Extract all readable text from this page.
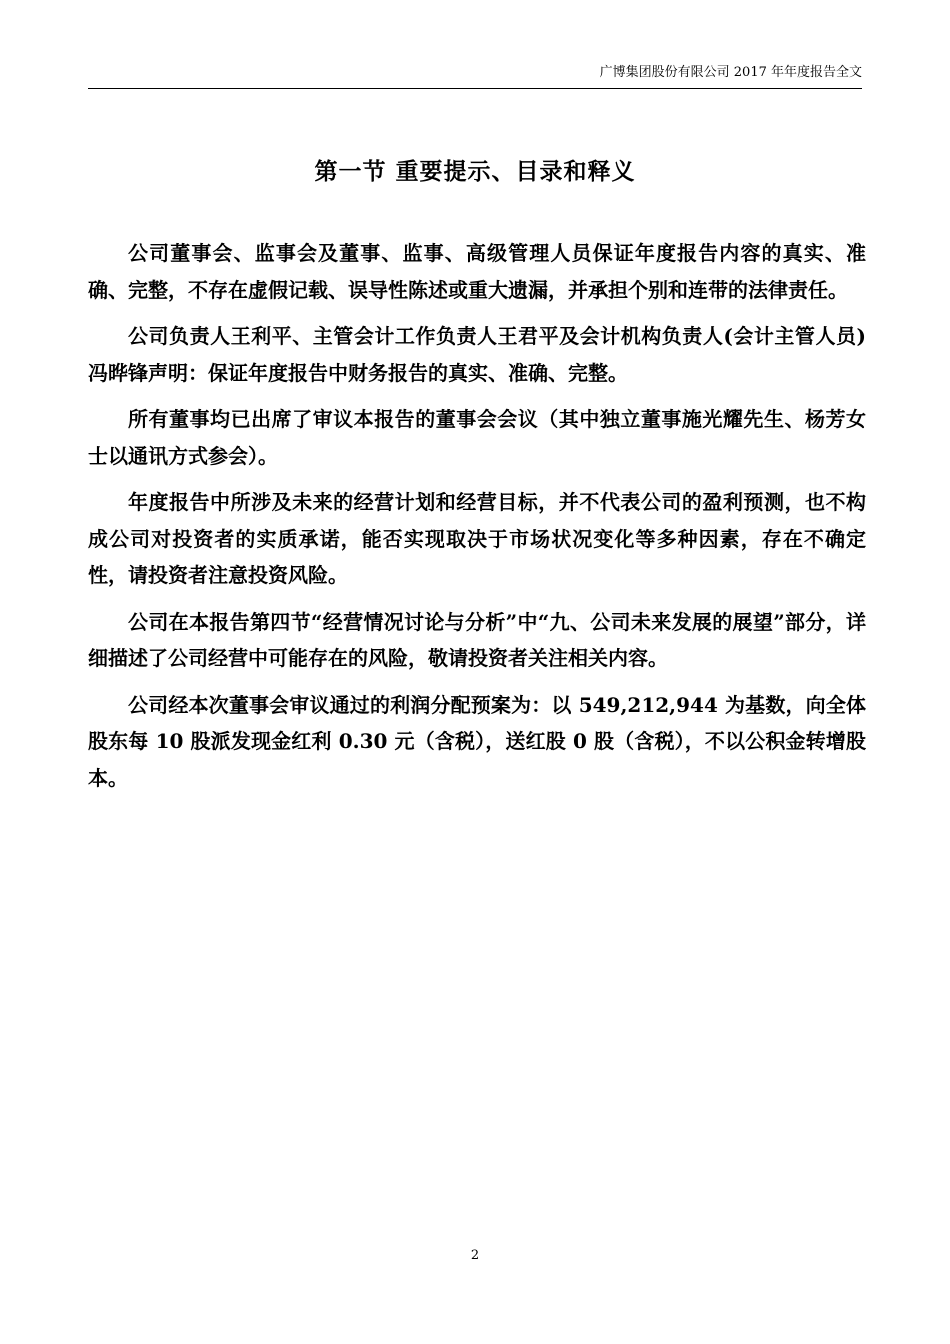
广博集团股份有限公司 2017 年年度报告全文
第一节 重要提示、目录和释义

公司董事会、监事会及董事、监事、高级管理人员保证年度报告内容的真实、准确、完整，不存在虚假记载、误导性陈述或重大遗漏，并承担个别和连带的法律责任。

公司负责人王利平、主管会计工作负责人王君平及会计机构负责人(会计主管人员)冯晔锋声明：保证年度报告中财务报告的真实、准确、完整。

所有董事均已出席了审议本报告的董事会会议（其中独立董事施光耀先生、杨芳女士以通讯方式参会）。

年度报告中所涉及未来的经营计划和经营目标，并不代表公司的盈利预测，也不构成公司对投资者的实质承诺，能否实现取决于市场状况变化等多种因素，存在不确定性，请投资者注意投资风险。

公司在本报告第四节“经营情况讨论与分析”中“九、公司未来发展的展望”部分，详细描述了公司经营中可能存在的风险，敬请投资者关注相关内容。

公司经本次董事会审议通过的利润分配预案为：以 549,212,944 为基数，向全体股东每 10 股派发现金红利 0.30 元（含税），送红股 0 股（含税），不以公积金转增股本。

2
